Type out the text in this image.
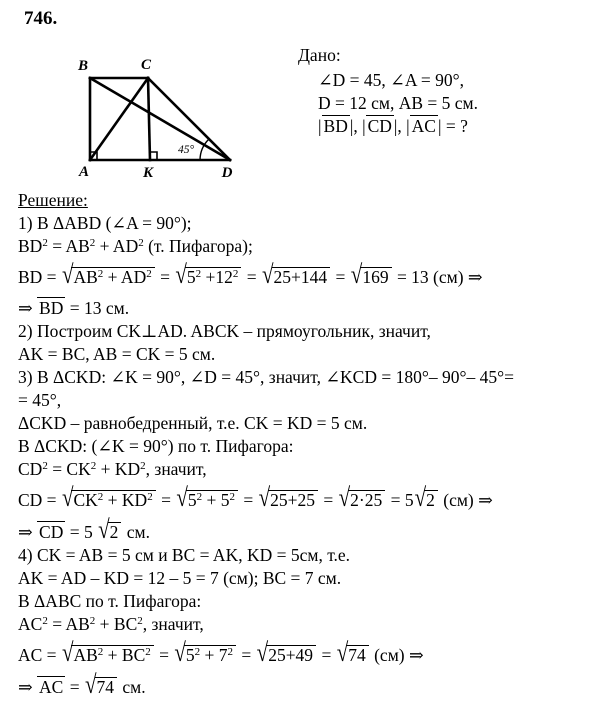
746.
B	C
A	K	D
45°
Дано:
∠D = 45, ∠A = 90°,
D = 12 см, AB = 5 см.
| BD |, | CD |, | AC | = ?
Решение:
1) В ΔABD (∠A = 90°);
$BD^2 = AB^2 + AD^2$ (т. Пифагора);
BD = $√AB^2 + AD^2 = √5^2 +12^2 = √25+144 = √169 = 13$ (см) ⇒
⇒ BD = 13 см.
2) Построим CK⊥AD. ABCK – прямоугольник, значит,
AK = BC, AB = CK = 5 см.
3) В ΔCKD: ∠K = 90°, ∠D = 45°, значит, ∠KCD = 180°– 90°– 45°=
= 45°,
ΔCKD – равнобедренный, т.е. CK = KD = 5 см.
В ΔCKD: (∠K = 90°) по т. Пифагора:
$CD^2 = CK^2 + KD^2$, значит,
CD = $√CK^2 + KD^2 = √5^2 + 5^2 = √25+25 = √2\cdot 25 = 5√2$ (см) ⇒
⇒ CD = 5 √2 см.
4) CK = AB = 5 см и BC = AK, KD = 5см, т.е.
AK = AD – KD = 12 – 5 = 7 (см); BC = 7 см.
В ΔABC по т. Пифагора:
$AC^2 = AB^2 + BC^2$, значит,
AC = $√AB^2 + BC^2 = √5^2 + 7^2 = √25+49 = √74$ (см) ⇒
⇒ AC = √74 см.
